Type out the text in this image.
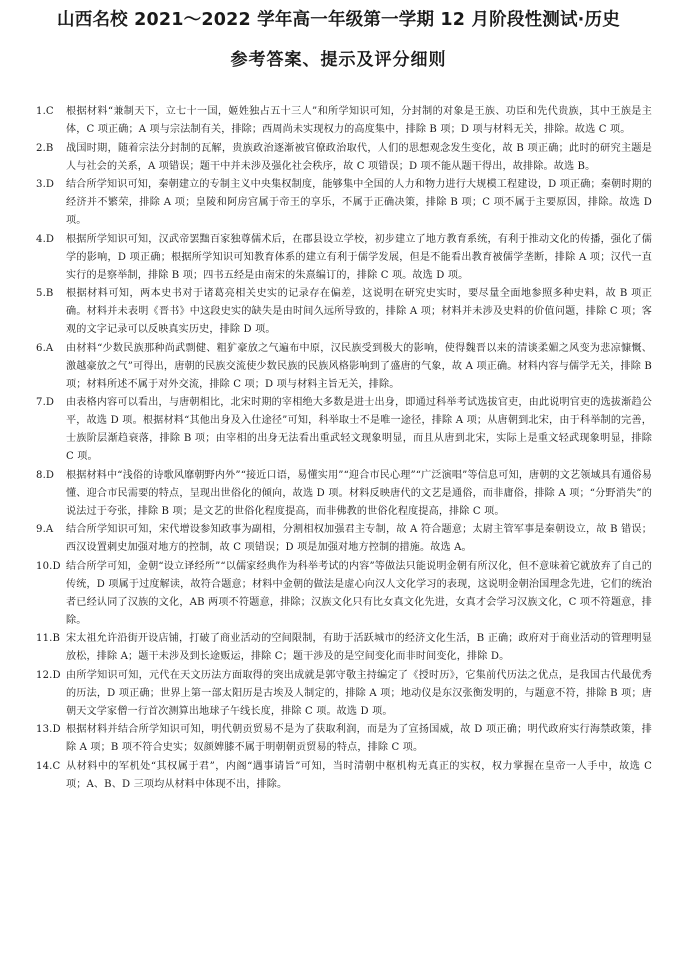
山西名校 2021～2022 学年高一年级第一学期 12 月阶段性测试·历史
参考答案、提示及评分细则
1.C 根据材料“兼制天下，立七十一国，姬姓独占五十三人”和所学知识可知，分封制的对象是王族、功臣和先代贵族，其中王族是主体，C 项正确；A 项与宗法制有关，排除；西周尚未实现权力的高度集中，排除 B 项；D 项与材料无关，排除。故选 C 项。
2.B 战国时期，随着宗法分封制的瓦解，贵族政治逐渐被官僚政治取代，人们的思想观念发生变化，故 B 项正确；此时的研究主题是人与社会的关系，A 项错误；题干中并未涉及强化社会秩序，故 C 项错误；D 项不能从题干得出，故排除。故选 B。
3.D 结合所学知识可知，秦朝建立的专制主义中央集权制度，能够集中全国的人力和物力进行大规模工程建设，D 项正确；秦朝时期的经济并不繁荣，排除 A 项；皇陵和阿房宫属于帝王的享乐，不属于正确决策，排除 B 项；C 项不属于主要原因，排除。故选 D 项。
4.D 根据所学知识可知，汉武帝罢黜百家独尊儒术后，在郡县设立学校，初步建立了地方教育系统，有利于推动文化的传播，强化了儒学的影响，D 项正确；根据所学知识可知教育体系的建立有利于儒学发展，但是不能看出教育被儒学垄断，排除 A 项；汉代一直实行的是察举制，排除 B 项；四书五经是由南宋的朱熹编订的，排除 C 项。故选 D 项。
5.B 根据材料可知，两本史书对于诸葛亮相关史实的记录存在偏差，这说明在研究史实时，要尽量全面地参照多种史料，故 B 项正确。材料并未表明《晋书》中这段史实的缺失是由时间久远所导致的，排除 A 项；材料并未涉及史料的价值问题，排除 C 项；客观的文字记录可以反映真实历史，排除 D 项。
6.A 由材料“少数民族那种尚武剽健、粗犷豪放之气遍布中原，汉民族受到极大的影响，使得魏晋以来的清谈柔媚之风变为悲凉慷慨、激越豪放之气”可得出，唐朝的民族交流使少数民族的民族风格影响到了盛唐的气象，故 A 项正确。材料内容与儒学无关，排除 B 项；材料所述不属于对外交流，排除 C 项；D 项与材料主旨无关，排除。
7.D 由表格内容可以看出，与唐朝相比，北宋时期的宰相绝大多数是进士出身，即通过科举考试选拔官吏，由此说明官吏的选拔渐趋公平，故选 D 项。根据材料“其他出身及入仕途径”可知，科举取士不是唯一途径，排除 A 项；从唐朝到北宋，由于科举制的完善，士族阶层渐趋衰落，排除 B 项；由宰相的出身无法看出重武轻文现象明显，而且从唐到北宋，实际上是重文轻武现象明显，排除 C 项。
8.D 根据材料中“浅俗的诗歌风靡朝野内外”“接近口语，易懂实用”“迎合市民心理”“广泛演唱”等信息可知，唐朝的文艺领域具有通俗易懂、迎合市民需要的特点，呈现出世俗化的倾向，故选 D 项。材料反映唐代的文艺是通俗，而非庸俗，排除 A 项；“分野消失”的说法过于夸张，排除 B 项；是文艺的世俗化程度提高，而非佛教的世俗化程度提高，排除 C 项。
9.A 结合所学知识可知，宋代增设参知政事为副相，分割相权加强君主专制，故 A 符合题意；太尉主管军事是秦朝设立，故 B 错误；西汉设置刺史加强对地方的控制，故 C 项错误；D 项是加强对地方控制的措施。故选 A。
10.D 结合所学可知，金朝“设立译经所”“以儒家经典作为科举考试的内容”等做法只能说明金朝有所汉化，但不意味着它就放弃了自己的传统，D 项属于过度解读，故符合题意；材料中金朝的做法是虚心向汉人文化学习的表现，这说明金朝治国理念先进，它们的统治者已经认同了汉族的文化，AB 两项不符题意，排除；汉族文化只有比女真文化先进，女真才会学习汉族文化，C 项不符题意，排除。
11.B 宋太祖允许沿街开设店铺，打破了商业活动的空间限制，有助于活跃城市的经济文化生活，B 正确；政府对于商业活动的管理明显放松，排除 A；题干未涉及到长途贩运，排除 C；题干涉及的是空间变化而非时间变化，排除 D。
12.D 由所学知识可知，元代在天文历法方面取得的突出成就是郭守敬主持编定了《授时历》，它集前代历法之优点，是我国古代最优秀的历法，D 项正确；世界上第一部太阳历是古埃及人制定的，排除 A 项；地动仪是东汉张衡发明的，与题意不符，排除 B 项；唐朝天文学家僧一行首次测算出地球子午线长度，排除 C 项。故选 D 项。
13.D 根据材料并结合所学知识可知，明代朝贡贸易不是为了获取利润，而是为了宣扬国威，故 D 项正确；明代政府实行海禁政策，排除 A 项；B 项不符合史实；奴颜婢膝不属于明朝朝贡贸易的特点，排除 C 项。
14.C 从材料中的军机处“其权属于君”，内阁“遇事请旨”可知，当时清朝中枢机构无真正的实权，权力掌握在皇帝一人手中，故选 C 项；A、B、D 三项均从材料中体现不出，排除。
